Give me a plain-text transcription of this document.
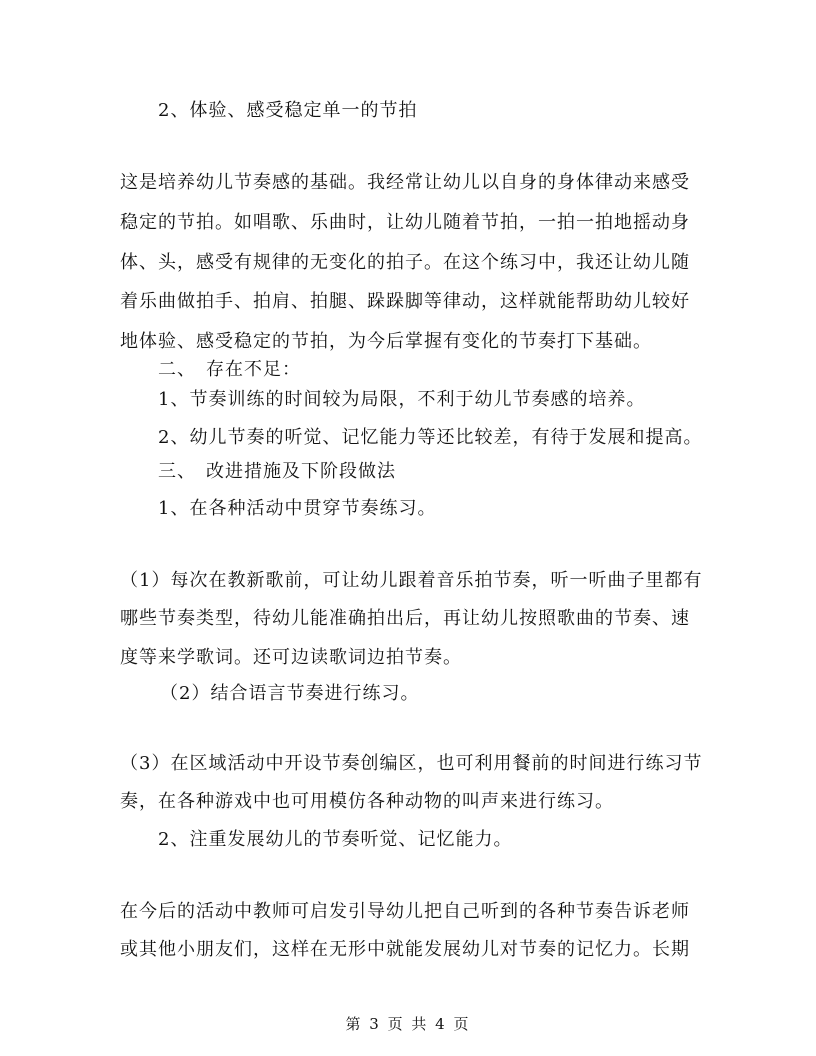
2、体验、感受稳定单一的节拍
这是培养幼儿节奏感的基础。我经常让幼儿以自身的身体律动来感受
稳定的节拍。如唱歌、乐曲时，让幼儿随着节拍，一拍一拍地摇动身
体、头，感受有规律的无变化的拍子。在这个练习中，我还让幼儿随
着乐曲做拍手、拍肩、拍腿、跺跺脚等律动，这样就能帮助幼儿较好
地体验、感受稳定的节拍，为今后掌握有变化的节奏打下基础。
二、　存在不足：
1、节奏训练的时间较为局限，不利于幼儿节奏感的培养。
2、幼儿节奏的听觉、记忆能力等还比较差，有待于发展和提高。
三、　改进措施及下阶段做法
1、在各种活动中贯穿节奏练习。
（1）每次在教新歌前，可让幼儿跟着音乐拍节奏，听一听曲子里都有
哪些节奏类型，待幼儿能准确拍出后，再让幼儿按照歌曲的节奏、速
度等来学歌词。还可边读歌词边拍节奏。
（2）结合语言节奏进行练习。
（3）在区域活动中开设节奏创编区，也可利用餐前的时间进行练习节
奏，在各种游戏中也可用模仿各种动物的叫声来进行练习。
2、注重发展幼儿的节奏听觉、记忆能力。
在今后的活动中教师可启发引导幼儿把自己听到的各种节奏告诉老师
或其他小朋友们，这样在无形中就能发展幼儿对节奏的记忆力。长期
第 3 页 共 4 页
